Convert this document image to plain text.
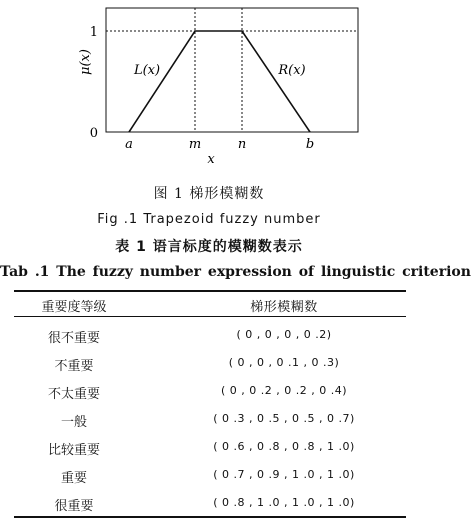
μ(x)
1
0
L(x)	R(x)
a	m	n	b
x
图 1 梯形模糊数
Fig .1 Trapezoid fuzzy number
表 1 语言标度的模糊数表示
Tab .1 The fuzzy number expression of linguistic criterion
重要度等级	梯形模糊数
很不重要	( 0 , 0 , 0 , 0 .2)
不重要	( 0 , 0 , 0 .1 , 0 .3)
不太重要	( 0 , 0 .2 , 0 .2 , 0 .4)
一般	( 0 .3 , 0 .5 , 0 .5 , 0 .7)
比较重要	( 0 .6 , 0 .8 , 0 .8 , 1 .0)
重要	( 0 .7 , 0 .9 , 1 .0 , 1 .0)
很重要	( 0 .8 , 1 .0 , 1 .0 , 1 .0)
